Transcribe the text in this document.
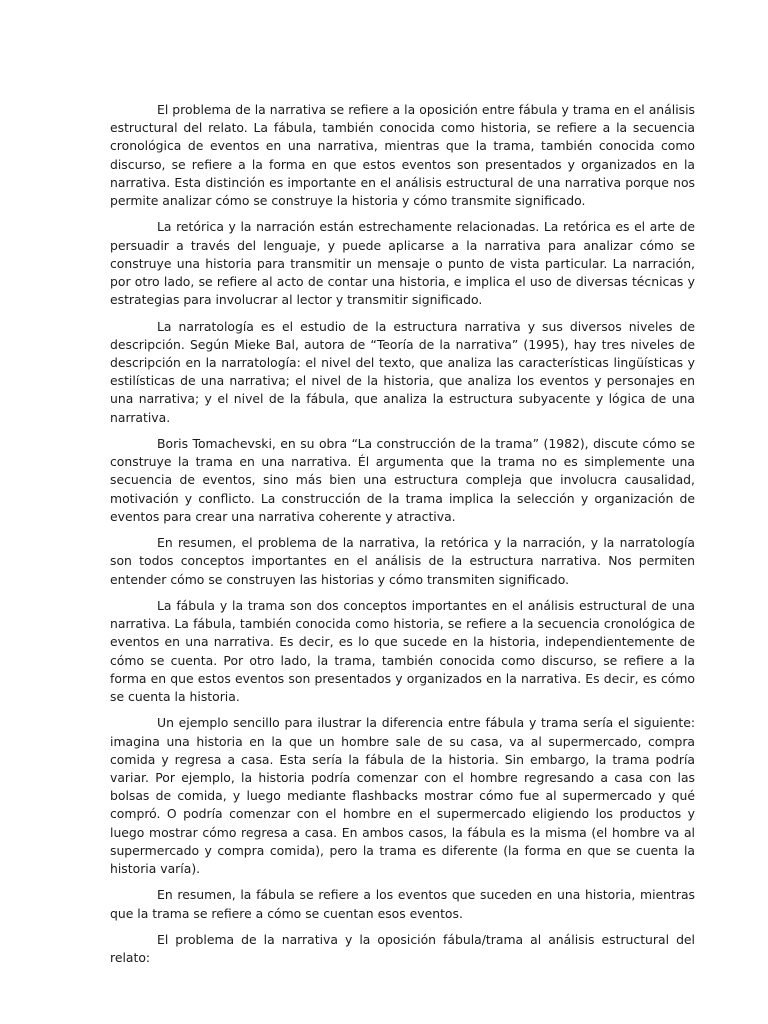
El problema de la narrativa se refiere a la oposición entre fábula y trama en el análisis estructural del relato. La fábula, también conocida como historia, se refiere a la secuencia cronológica de eventos en una narrativa, mientras que la trama, también conocida como discurso, se refiere a la forma en que estos eventos son presentados y organizados en la narrativa. Esta distinción es importante en el análisis estructural de una narrativa porque nos permite analizar cómo se construye la historia y cómo transmite significado.

La retórica y la narración están estrechamente relacionadas. La retórica es el arte de persuadir a través del lenguaje, y puede aplicarse a la narrativa para analizar cómo se construye una historia para transmitir un mensaje o punto de vista particular. La narración, por otro lado, se refiere al acto de contar una historia, e implica el uso de diversas técnicas y estrategias para involucrar al lector y transmitir significado.

La narratología es el estudio de la estructura narrativa y sus diversos niveles de descripción. Según Mieke Bal, autora de “Teoría de la narrativa” (1995), hay tres niveles de descripción en la narratología: el nivel del texto, que analiza las características lingüísticas y estilísticas de una narrativa; el nivel de la historia, que analiza los eventos y personajes en una narrativa; y el nivel de la fábula, que analiza la estructura subyacente y lógica de una narrativa.

Boris Tomachevski, en su obra “La construcción de la trama” (1982), discute cómo se construye la trama en una narrativa. Él argumenta que la trama no es simplemente una secuencia de eventos, sino más bien una estructura compleja que involucra causalidad, motivación y conflicto. La construcción de la trama implica la selección y organización de eventos para crear una narrativa coherente y atractiva.

En resumen, el problema de la narrativa, la retórica y la narración, y la narratología son todos conceptos importantes en el análisis de la estructura narrativa. Nos permiten entender cómo se construyen las historias y cómo transmiten significado.

La fábula y la trama son dos conceptos importantes en el análisis estructural de una narrativa. La fábula, también conocida como historia, se refiere a la secuencia cronológica de eventos en una narrativa. Es decir, es lo que sucede en la historia, independientemente de cómo se cuenta. Por otro lado, la trama, también conocida como discurso, se refiere a la forma en que estos eventos son presentados y organizados en la narrativa. Es decir, es cómo se cuenta la historia.

Un ejemplo sencillo para ilustrar la diferencia entre fábula y trama sería el siguiente: imagina una historia en la que un hombre sale de su casa, va al supermercado, compra comida y regresa a casa. Esta sería la fábula de la historia. Sin embargo, la trama podría variar. Por ejemplo, la historia podría comenzar con el hombre regresando a casa con las bolsas de comida, y luego mediante flashbacks mostrar cómo fue al supermercado y qué compró. O podría comenzar con el hombre en el supermercado eligiendo los productos y luego mostrar cómo regresa a casa. En ambos casos, la fábula es la misma (el hombre va al supermercado y compra comida), pero la trama es diferente (la forma en que se cuenta la historia varía).

En resumen, la fábula se refiere a los eventos que suceden en una historia, mientras que la trama se refiere a cómo se cuentan esos eventos.

El problema de la narrativa y la oposición fábula/trama al análisis estructural del relato:
